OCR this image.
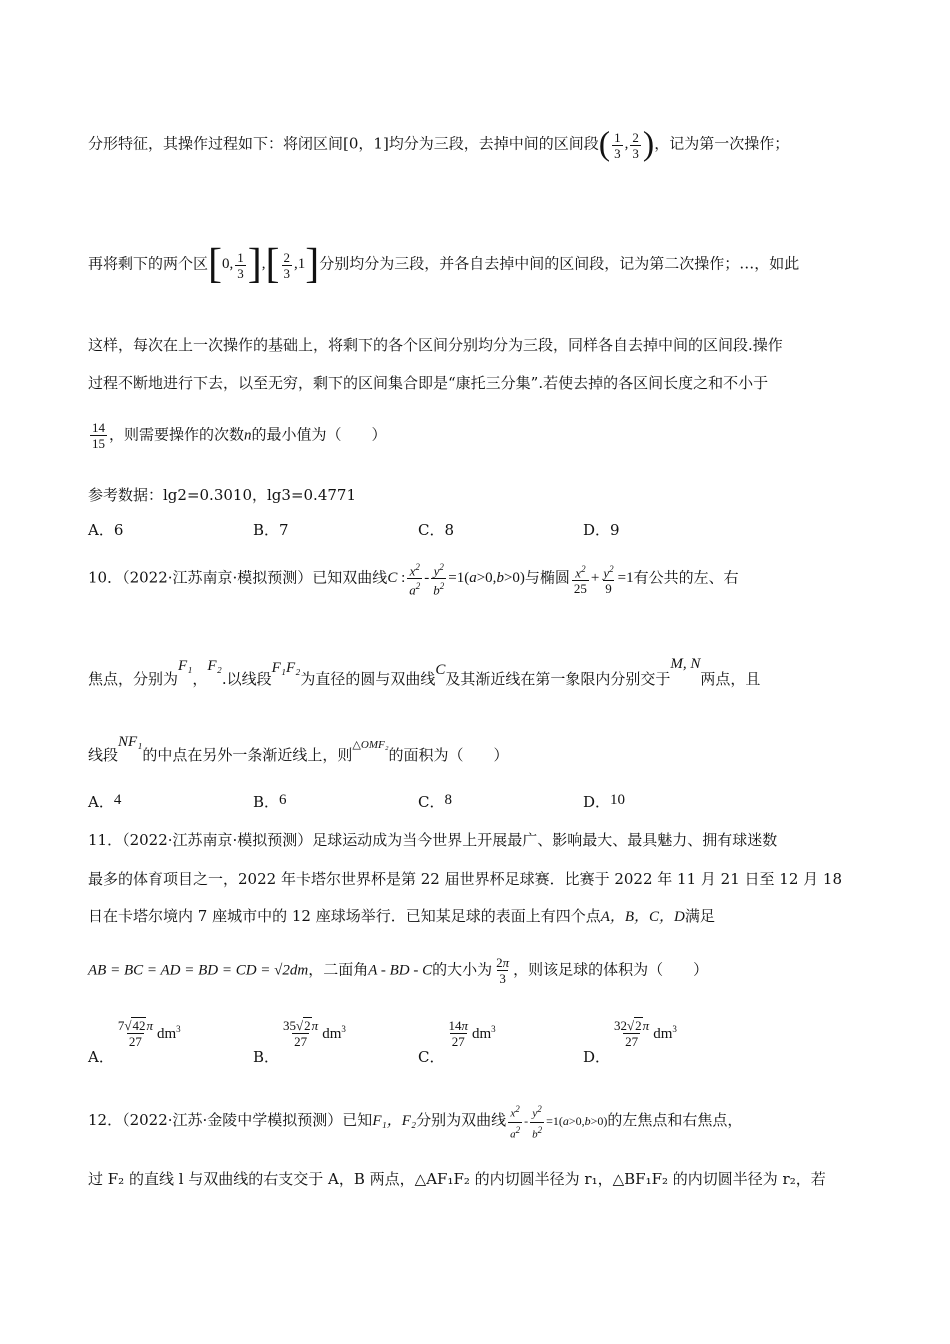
分形特征，其操作过程如下：将闭区间[0，1]均分为三段，去掉中间的区间段( $\frac{1}{3}$ , $\frac{2}{3}$ )，记为第一次操作；
再将剩下的两个区[0, $\frac{1}{3}$ ],[ $\frac{2}{3} ,1$]分别均分为三段，并各自去掉中间的区间段，记为第二次操作；…，如此
这样，每次在上一次操作的基础上，将剩下的各个区间分别均分为三段，同样各自去掉中间的区间段.操作
过程不断地进行下去，以至无穷，剩下的区间集合即是“康托三分集”.若使去掉的各区间长度之和不小于
$\frac{14}{15}$ ，则需要操作的次数n的最小值为（　　）
参考数据：lg2=0.3010，lg3=0.4771
A．6	B．7	C．8	D．9
10．（2022·江苏南京·模拟预测）已知双曲线C : $\frac{x^2}{a^2} - \frac{y^2}{b^2} =1(a>0,b>0)$与椭圆 $\frac{x^2}{25} + \frac{y^2}{9} =1$有公共的左、右
焦点，分别为F₁，F₂.以线段F₁F₂为直径的圆与双曲线C及其渐近线在第一象限内分别交于M, N两点，且
线段NF₁的中点在另外一条渐近线上，则$^{\triangle OMF_2}$的面积为（　　）
A．4	B．6	C．8	D．10
11．（2022·江苏南京·模拟预测）足球运动成为当今世界上开展最广、影响最大、最具魅力、拥有球迷数
最多的体育项目之一，2022 年卡塔尔世界杯是第 22 届世界杯足球赛．比赛于 2022 年 11 月 21 日至 12 月 18
日在卡塔尔境内 7 座城市中的 12 座球场举行．已知某足球的表面上有四个点A，B，C，D满足
AB = BC = AD = BD = CD = √2dm，二面角A - BD - C的大小为 $\frac{2\pi}{3}$ ，则该足球的体积为（　　）
A．
$\frac{7√42\pi}{27} dm^3$
B．
$\frac{35√2\pi}{27} dm^3$
C．
$\frac{14\pi}{27} dm^3$
D．
$\frac{32√2\pi}{27} dm^3$
12．（2022·江苏·金陵中学模拟预测）已知F₁，F₂分别为双曲线 $\frac{x^2}{a^2} - \frac{y^2}{b^2} =1(a>0,b>0)$的左焦点和右焦点，
过 F₂ 的直线 l 与双曲线的右支交于 A，B 两点，△AF₁F₂ 的内切圆半径为 r₁，△BF₁F₂ 的内切圆半径为 r₂，若
